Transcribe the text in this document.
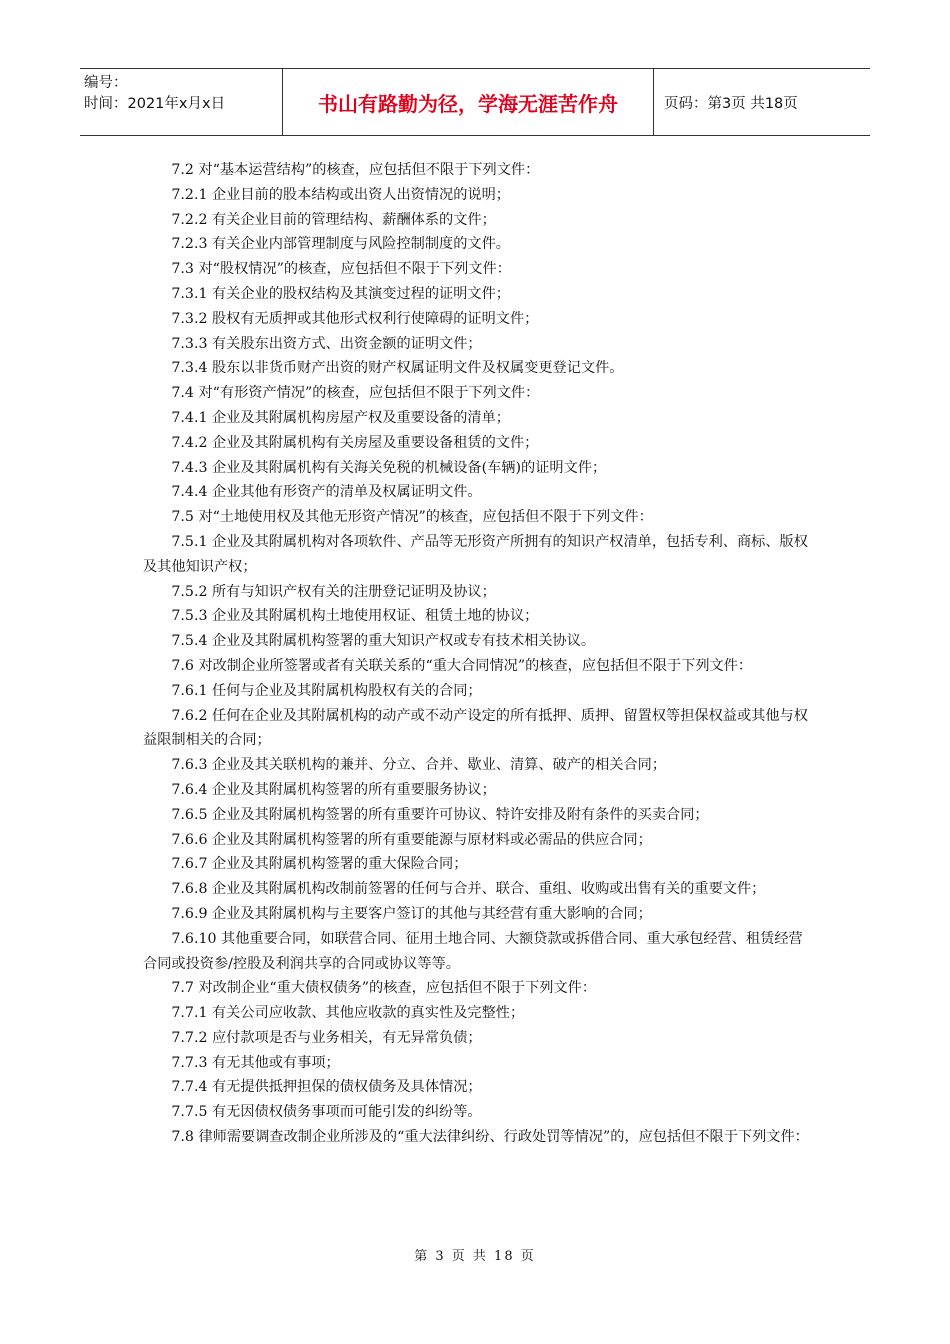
编号：
时间：2021年x月x日	书山有路勤为径，学海无涯苦作舟	页码：第3页 共18页

7.2 对“基本运营结构”的核查，应包括但不限于下列文件：

7.2.1 企业目前的股本结构或出资人出资情况的说明；

7.2.2 有关企业目前的管理结构、薪酬体系的文件；

7.2.3 有关企业内部管理制度与风险控制制度的文件。

7.3 对“股权情况”的核查，应包括但不限于下列文件：

7.3.1 有关企业的股权结构及其演变过程的证明文件；

7.3.2 股权有无质押或其他形式权利行使障碍的证明文件；

7.3.3 有关股东出资方式、出资金额的证明文件；

7.3.4 股东以非货币财产出资的财产权属证明文件及权属变更登记文件。

7.4 对“有形资产情况”的核查，应包括但不限于下列文件：

7.4.1 企业及其附属机构房屋产权及重要设备的清单；

7.4.2 企业及其附属机构有关房屋及重要设备租赁的文件；

7.4.3 企业及其附属机构有关海关免税的机械设备(车辆)的证明文件；

7.4.4 企业其他有形资产的清单及权属证明文件。

7.5 对“土地使用权及其他无形资产情况”的核查，应包括但不限于下列文件：

7.5.1 企业及其附属机构对各项软件、产品等无形资产所拥有的知识产权清单，包括专利、商标、版权及其他知识产权；

7.5.2 所有与知识产权有关的注册登记证明及协议；

7.5.3 企业及其附属机构土地使用权证、租赁土地的协议；

7.5.4 企业及其附属机构签署的重大知识产权或专有技术相关协议。

7.6 对改制企业所签署或者有关联关系的“重大合同情况”的核查，应包括但不限于下列文件：

7.6.1 任何与企业及其附属机构股权有关的合同；

7.6.2 任何在企业及其附属机构的动产或不动产设定的所有抵押、质押、留置权等担保权益或其他与权益限制相关的合同；

7.6.3 企业及其关联机构的兼并、分立、合并、歇业、清算、破产的相关合同；

7.6.4 企业及其附属机构签署的所有重要服务协议；

7.6.5 企业及其附属机构签署的所有重要许可协议、特许安排及附有条件的买卖合同；

7.6.6 企业及其附属机构签署的所有重要能源与原材料或必需品的供应合同；

7.6.7 企业及其附属机构签署的重大保险合同；

7.6.8 企业及其附属机构改制前签署的任何与合并、联合、重组、收购或出售有关的重要文件；

7.6.9 企业及其附属机构与主要客户签订的其他与其经营有重大影响的合同；

7.6.10 其他重要合同，如联营合同、征用土地合同、大额贷款或拆借合同、重大承包经营、租赁经营合同或投资参/控股及利润共享的合同或协议等等。

7.7 对改制企业“重大债权债务”的核查，应包括但不限于下列文件：

7.7.1 有关公司应收款、其他应收款的真实性及完整性；

7.7.2 应付款项是否与业务相关，有无异常负债；

7.7.3 有无其他或有事项；

7.7.4 有无提供抵押担保的债权债务及具体情况；

7.7.5 有无因债权债务事项而可能引发的纠纷等。

7.8 律师需要调查改制企业所涉及的“重大法律纠纷、行政处罚等情况”的，应包括但不限于下列文件：

第 3 页 共 18 页
